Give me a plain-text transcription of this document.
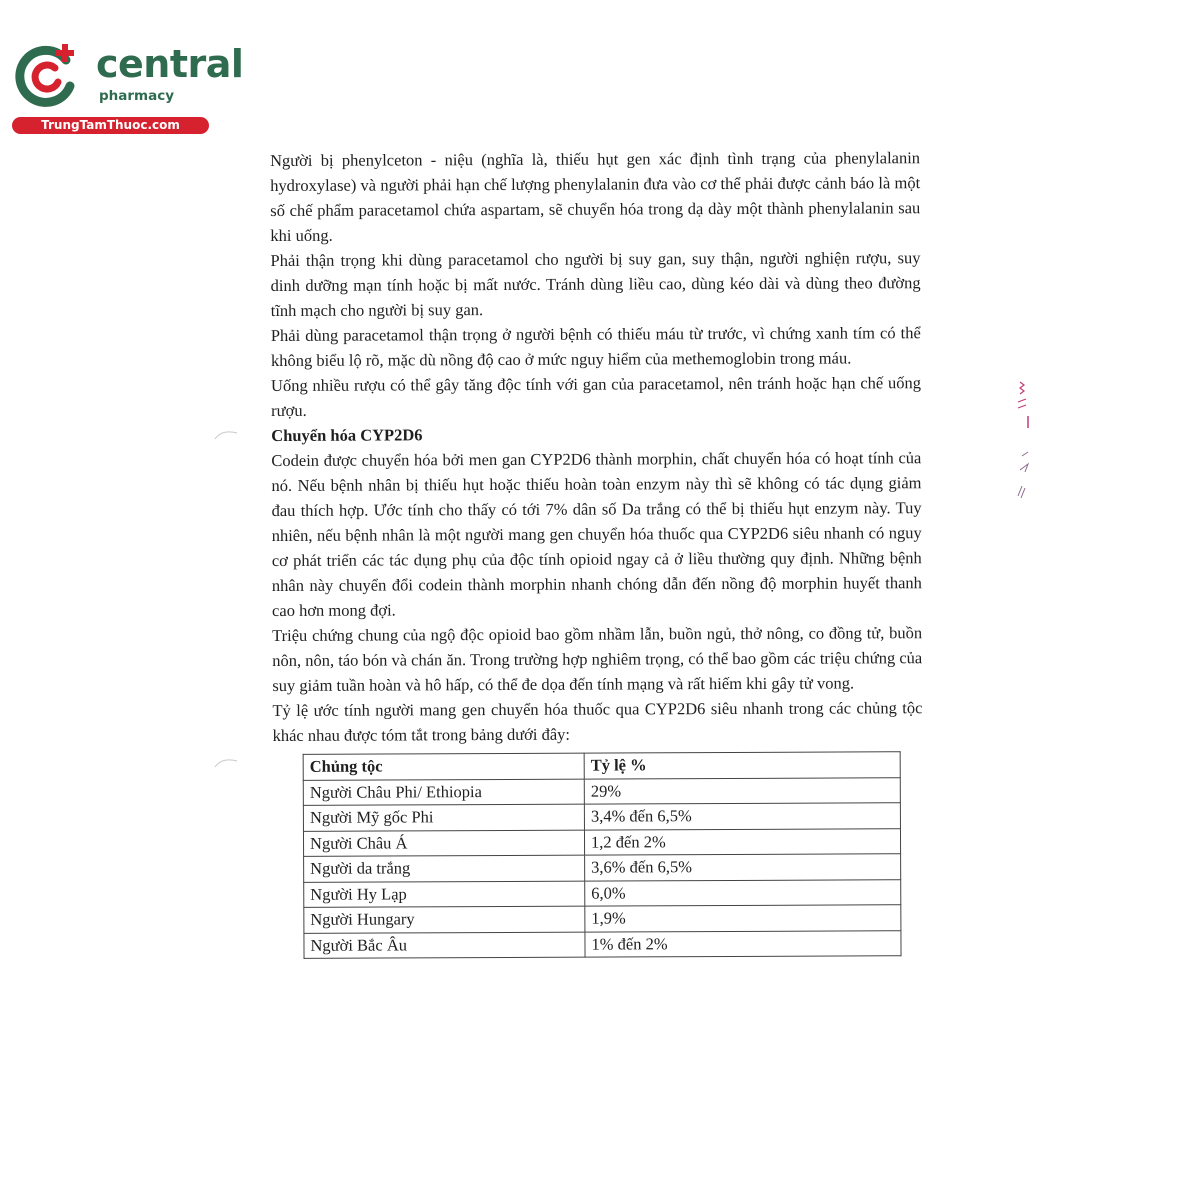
central
pharmacy
TrungTamThuoc.com

Người bị phenylceton - niệu (nghĩa là, thiếu hụt gen xác định tình trạng của phenylalanin hydroxylase) và người phải hạn chế lượng phenylalanin đưa vào cơ thể phải được cảnh báo là một số chế phẩm paracetamol chứa aspartam, sẽ chuyển hóa trong dạ dày một thành phenylalanin sau khi uống.

Phải thận trọng khi dùng paracetamol cho người bị suy gan, suy thận, người nghiện rượu, suy dinh dưỡng mạn tính hoặc bị mất nước. Tránh dùng liều cao, dùng kéo dài và dùng theo đường tĩnh mạch cho người bị suy gan.

Phải dùng paracetamol thận trọng ở người bệnh có thiếu máu từ trước, vì chứng xanh tím có thể không biểu lộ rõ, mặc dù nồng độ cao ở mức nguy hiểm của methemoglobin trong máu.

Uống nhiều rượu có thể gây tăng độc tính với gan của paracetamol, nên tránh hoặc hạn chế uống rượu.

Chuyển hóa CYP2D6

Codein được chuyển hóa bởi men gan CYP2D6 thành morphin, chất chuyển hóa có hoạt tính của nó. Nếu bệnh nhân bị thiếu hụt hoặc thiếu hoàn toàn enzym này thì sẽ không có tác dụng giảm đau thích hợp. Ước tính cho thấy có tới 7% dân số Da trắng có thể bị thiếu hụt enzym này. Tuy nhiên, nếu bệnh nhân là một người mang gen chuyển hóa thuốc qua CYP2D6 siêu nhanh có nguy cơ phát triển các tác dụng phụ của độc tính opioid ngay cả ở liều thường quy định. Những bệnh nhân này chuyển đổi codein thành morphin nhanh chóng dẫn đến nồng độ morphin huyết thanh cao hơn mong đợi.

Triệu chứng chung của ngộ độc opioid bao gồm nhầm lẫn, buồn ngủ, thở nông, co đồng tử, buồn nôn, nôn, táo bón và chán ăn. Trong trường hợp nghiêm trọng, có thể bao gồm các triệu chứng của suy giảm tuần hoàn và hô hấp, có thể đe dọa đến tính mạng và rất hiếm khi gây tử vong.

Tỷ lệ ước tính người mang gen chuyển hóa thuốc qua CYP2D6 siêu nhanh trong các chủng tộc khác nhau được tóm tắt trong bảng dưới đây:

Chủng tộc	Tỷ lệ %
Người Châu Phi/ Ethiopia	29%
Người Mỹ gốc Phi	3,4% đến 6,5%
Người Châu Á	1,2 đến 2%
Người da trắng	3,6% đến 6,5%
Người Hy Lạp	6,0%
Người Hungary	1,9%
Người Bắc Âu	1% đến 2%
